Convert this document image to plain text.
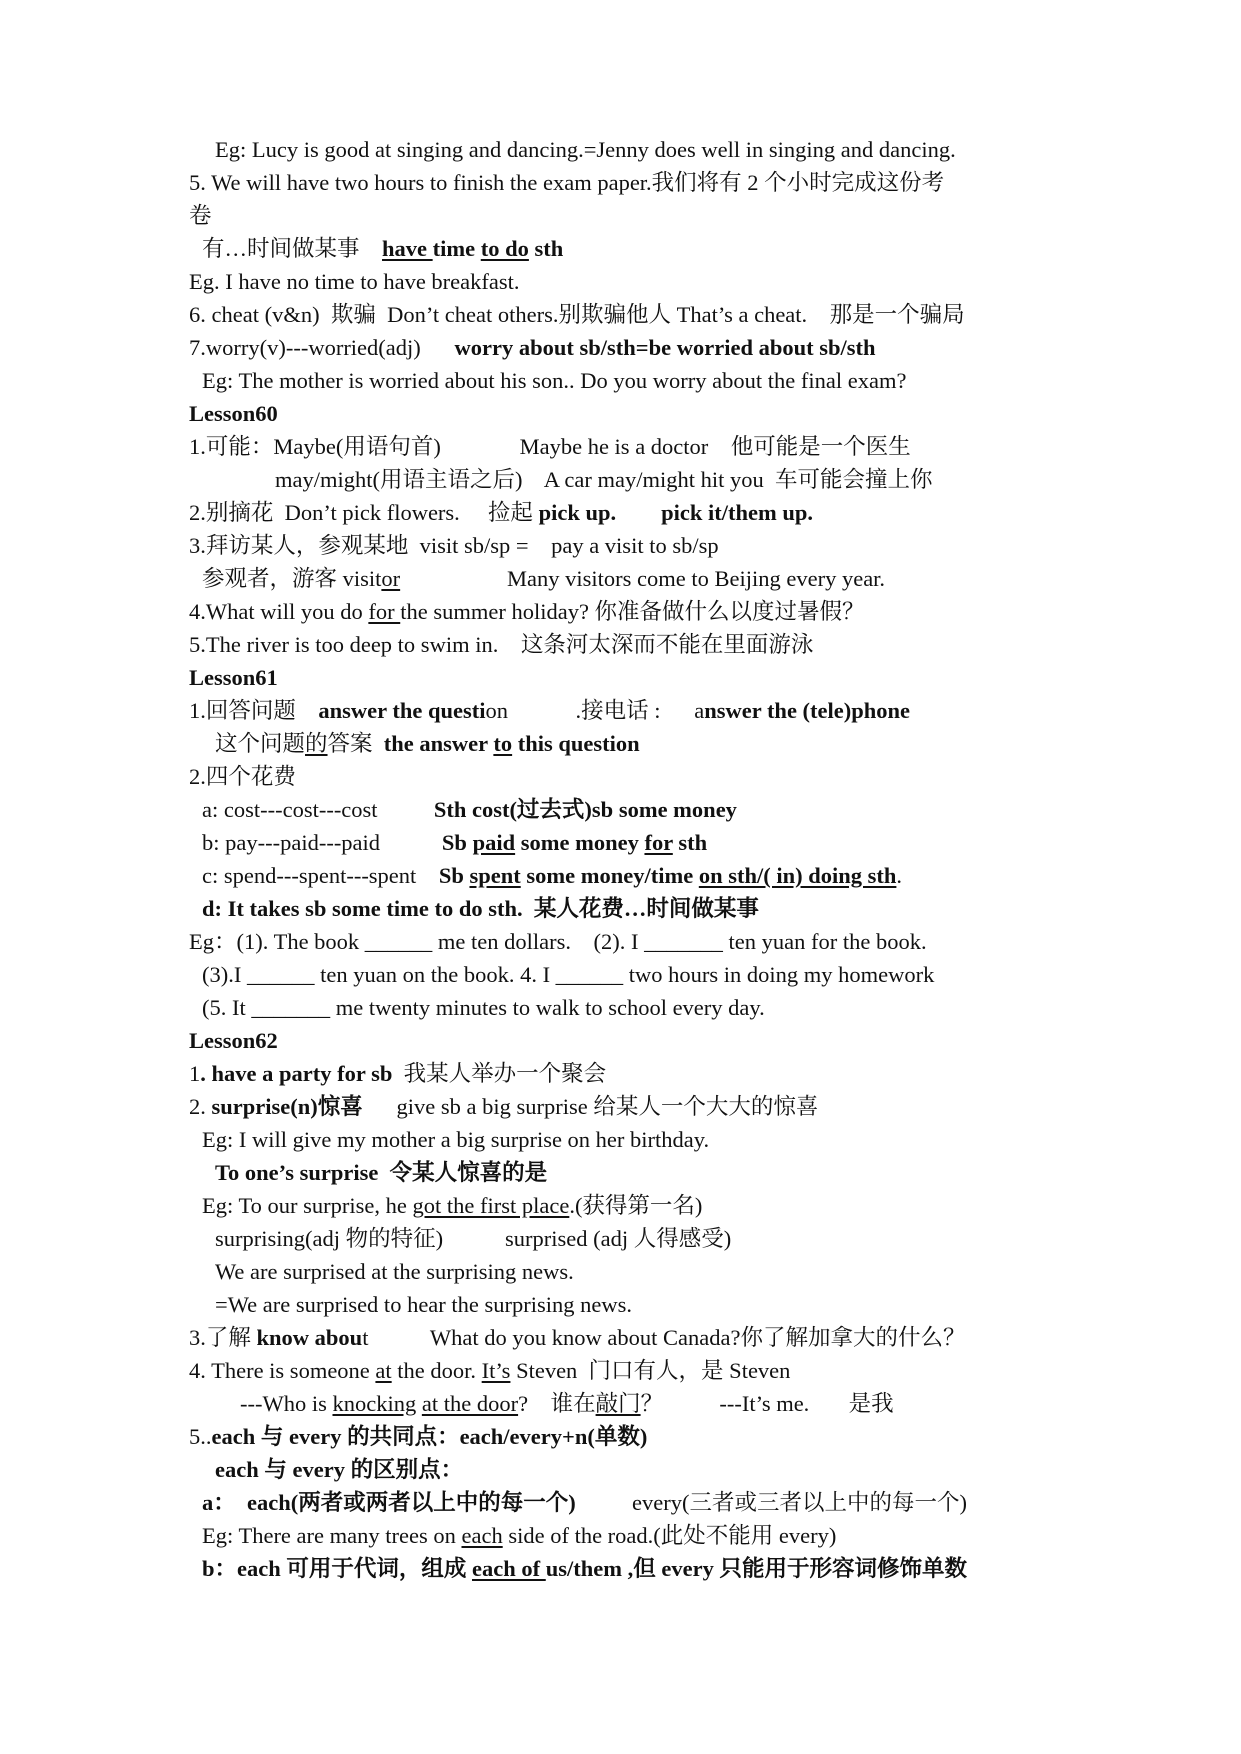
Eg: Lucy is good at singing and dancing.=Jenny does well in singing and dancing.
5. We will have two hours to finish the exam paper.我们将有 2 个小时完成这份考
卷
有…时间做某事    have time to do sth
Eg. I have no time to have breakfast.
6. cheat (v&n)  欺骗  Don’t cheat others.别欺骗他人 That’s a cheat.    那是一个骗局
7.worry(v)---worried(adj)      worry about sb/sth=be worried about sb/sth
Eg: The mother is worried about his son.. Do you worry about the final exam?
Lesson60
1.可能：Maybe(用语句首)              Maybe he is a doctor    他可能是一个医生
may/might(用语主语之后)    A car may/might hit you  车可能会撞上你
2.别摘花  Don’t pick flowers.     捡起 pick up. pick it/them up.
3.拜访某人，参观某地  visit sb/sp =    pay a visit to sb/sp
参观者，游客 visitor                   Many visitors come to Beijing every year.
4.What will you do for the summer holiday? 你准备做什么以度过暑假？
5.The river is too deep to swim in.    这条河太深而不能在里面游泳
Lesson61
1.回答问题    answer the question            .接电话 :      answer the (tele)phone
这个问题的答案  the answer to this question
2.四个花费
a: cost---cost---cost          Sth cost(过去式)sb some money
b: pay---paid---paid           Sb paid some money for sth
c: spend---spent---spent    Sb spent some money/time on sth/( in) doing sth.
d: It takes sb some time to do sth.  某人花费…时间做某事
Eg：(1). The book ______ me ten dollars.    (2). I _______ ten yuan for the book.
(3).I ______ ten yuan on the book. 4. I ______ two hours in doing my homework
(5. It _______ me twenty minutes to walk to school every day.
Lesson62
1. have a party for sb  我某人举办一个聚会
2. surprise(n)惊喜      give sb a big surprise 给某人一个大大的惊喜
Eg: I will give my mother a big surprise on her birthday.
To one’s surprise  令某人惊喜的是
Eg: To our surprise, he got the first place.(获得第一名)
surprising(adj 物的特征)           surprised (adj 人得感受)
We are surprised at the surprising news.
=We are surprised to hear the surprising news.
3.了解 know about           What do you know about Canada?你了解加拿大的什么？
4. There is someone at the door. It’s Steven  门口有人，是 Steven
---Who is knocking at the door?    谁在敲门？          ---It’s me.       是我
5..each 与 every 的共同点：each/every+n(单数)
each 与 every 的区别点：
a：  each(两者或两者以上中的每一个)          every(三者或三者以上中的每一个)
Eg: There are many trees on each side of the road.(此处不能用 every)
b：each 可用于代词，组成 each of us/them ,但 every 只能用于形容词修饰单数
